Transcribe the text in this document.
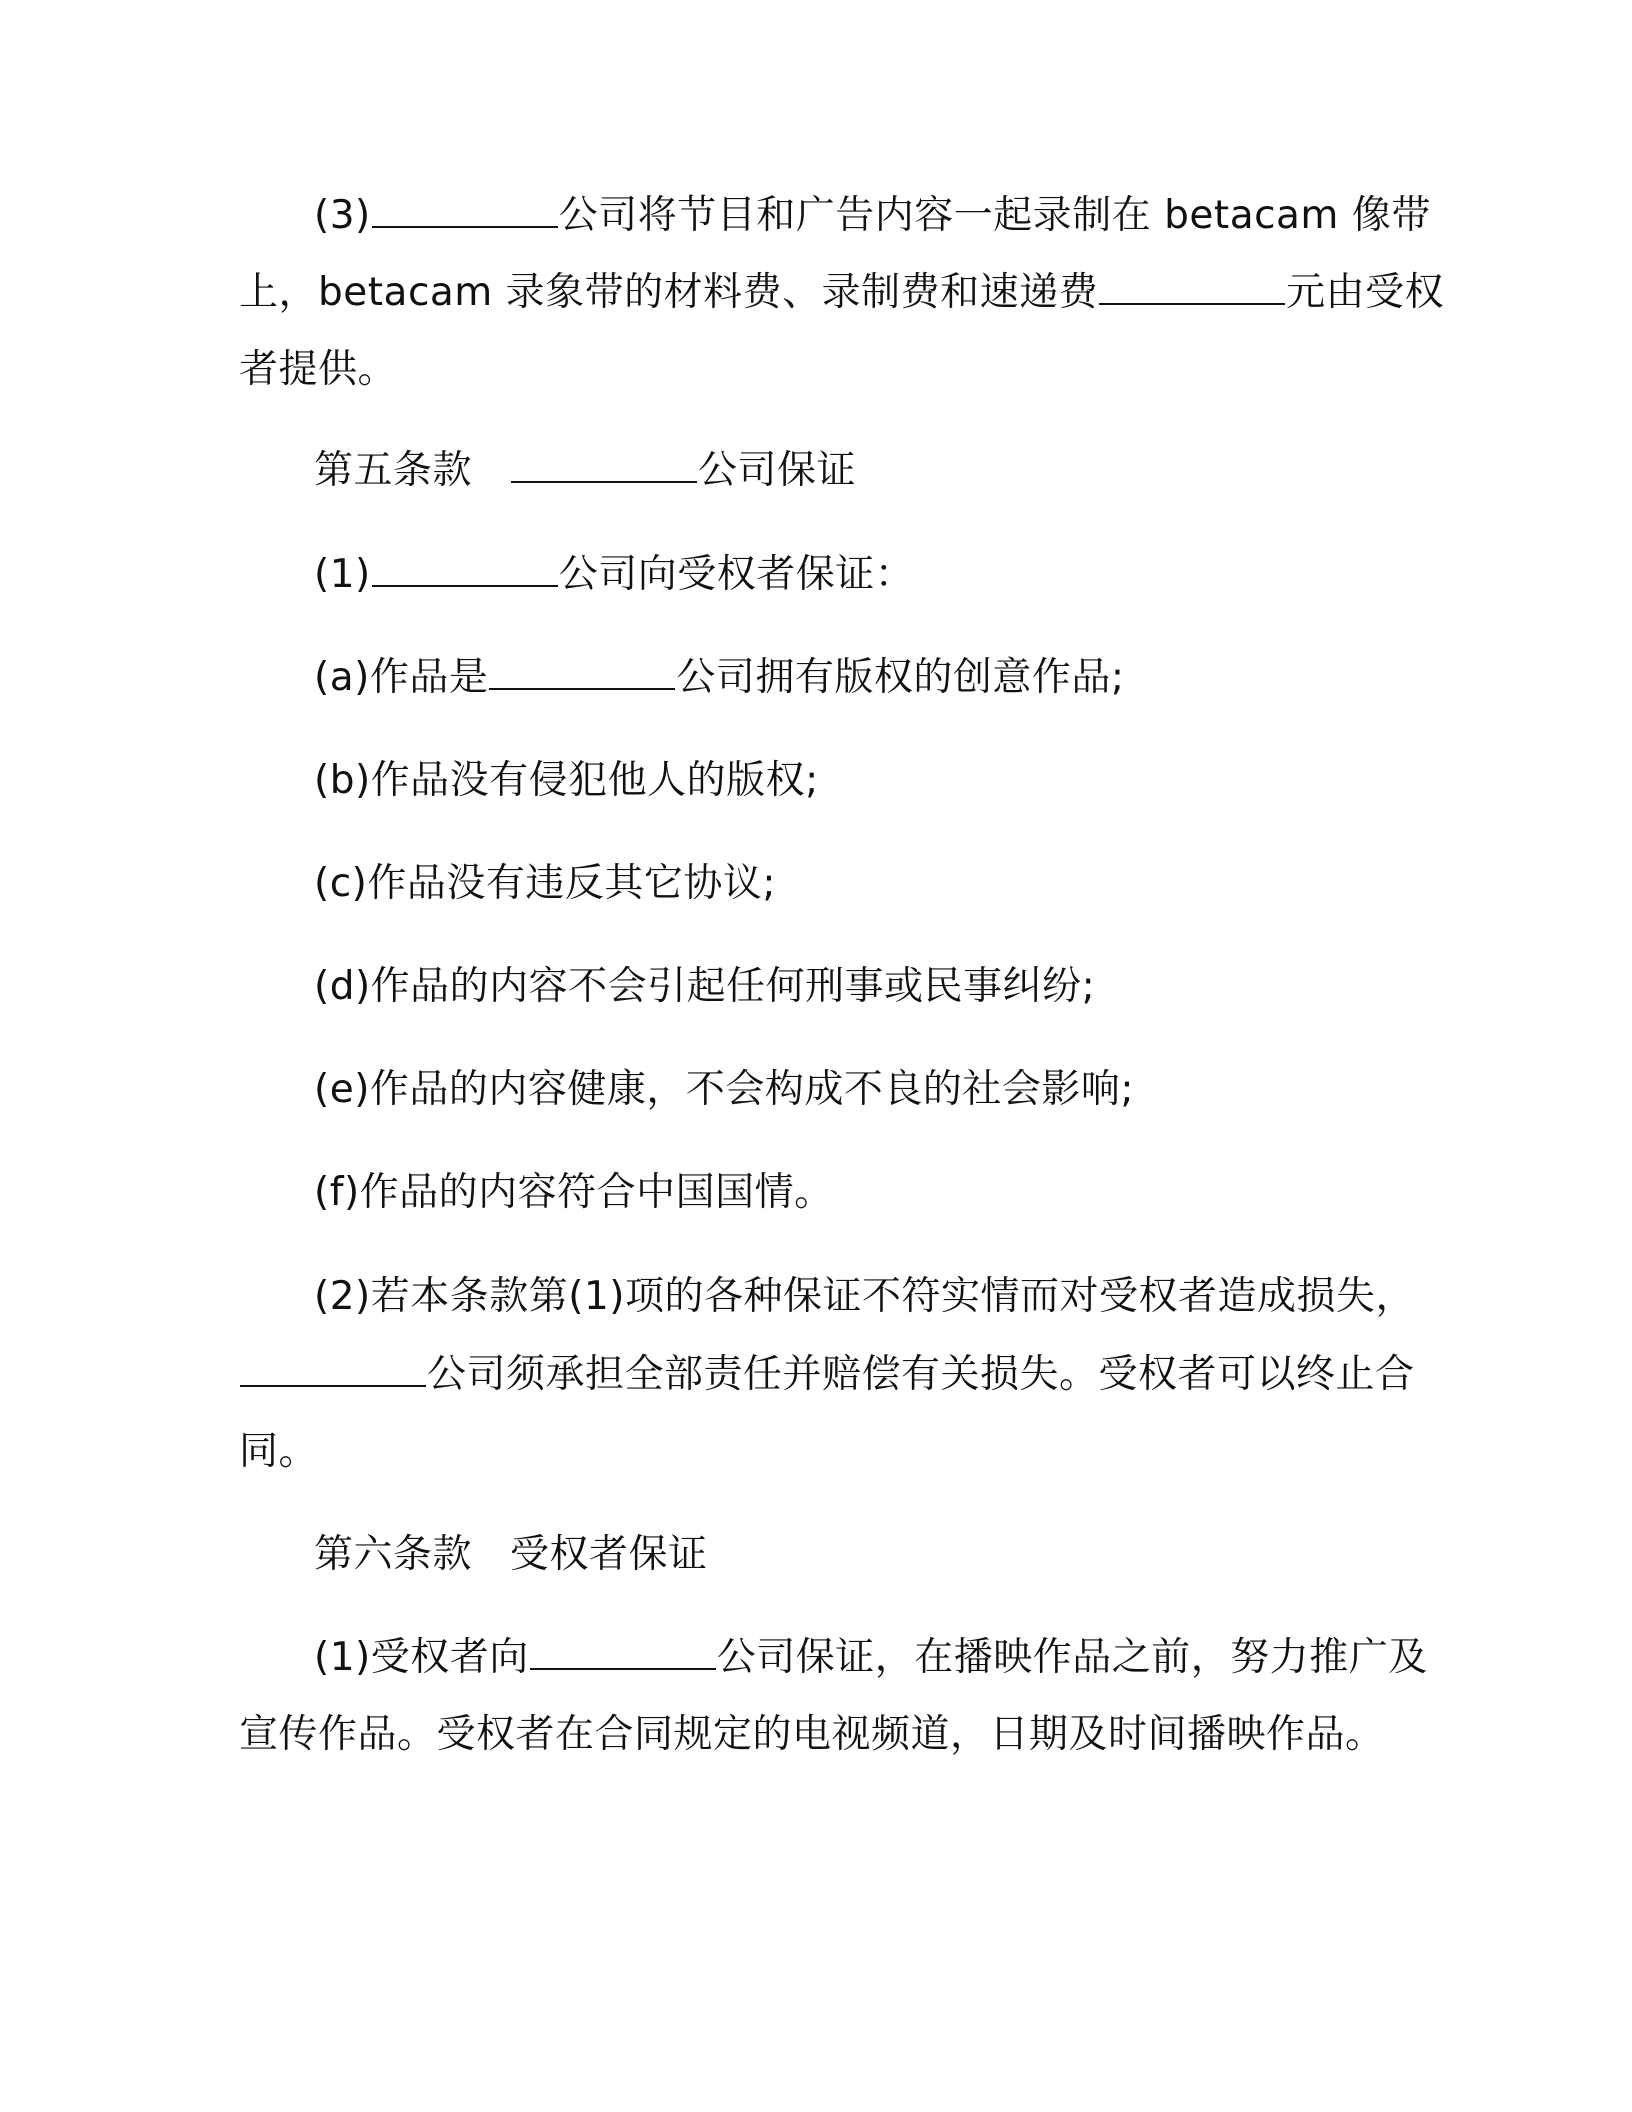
(3)	公司将节目和广告内容一起录制在 betacam 像带
上，betacam 录象带的材料费、录制费和速递费	元由受权
者提供。
第五条款	公司保证
(1)	公司向受权者保证：
(a)作品是	公司拥有版权的创意作品;
(b)作品没有侵犯他人的版权;
(c)作品没有违反其它协议;
(d)作品的内容不会引起任何刑事或民事纠纷;
(e)作品的内容健康，不会构成不良的社会影响;
(f)作品的内容符合中国国情。
(2)若本条款第(1)项的各种保证不符实情而对受权者造成损失，
公司须承担全部责任并赔偿有关损失。受权者可以终止合
同。
第六条款 受权者保证
(1)受权者向	公司保证，在播映作品之前，努力推广及
宣传作品。受权者在合同规定的电视频道，日期及时间播映作品。
